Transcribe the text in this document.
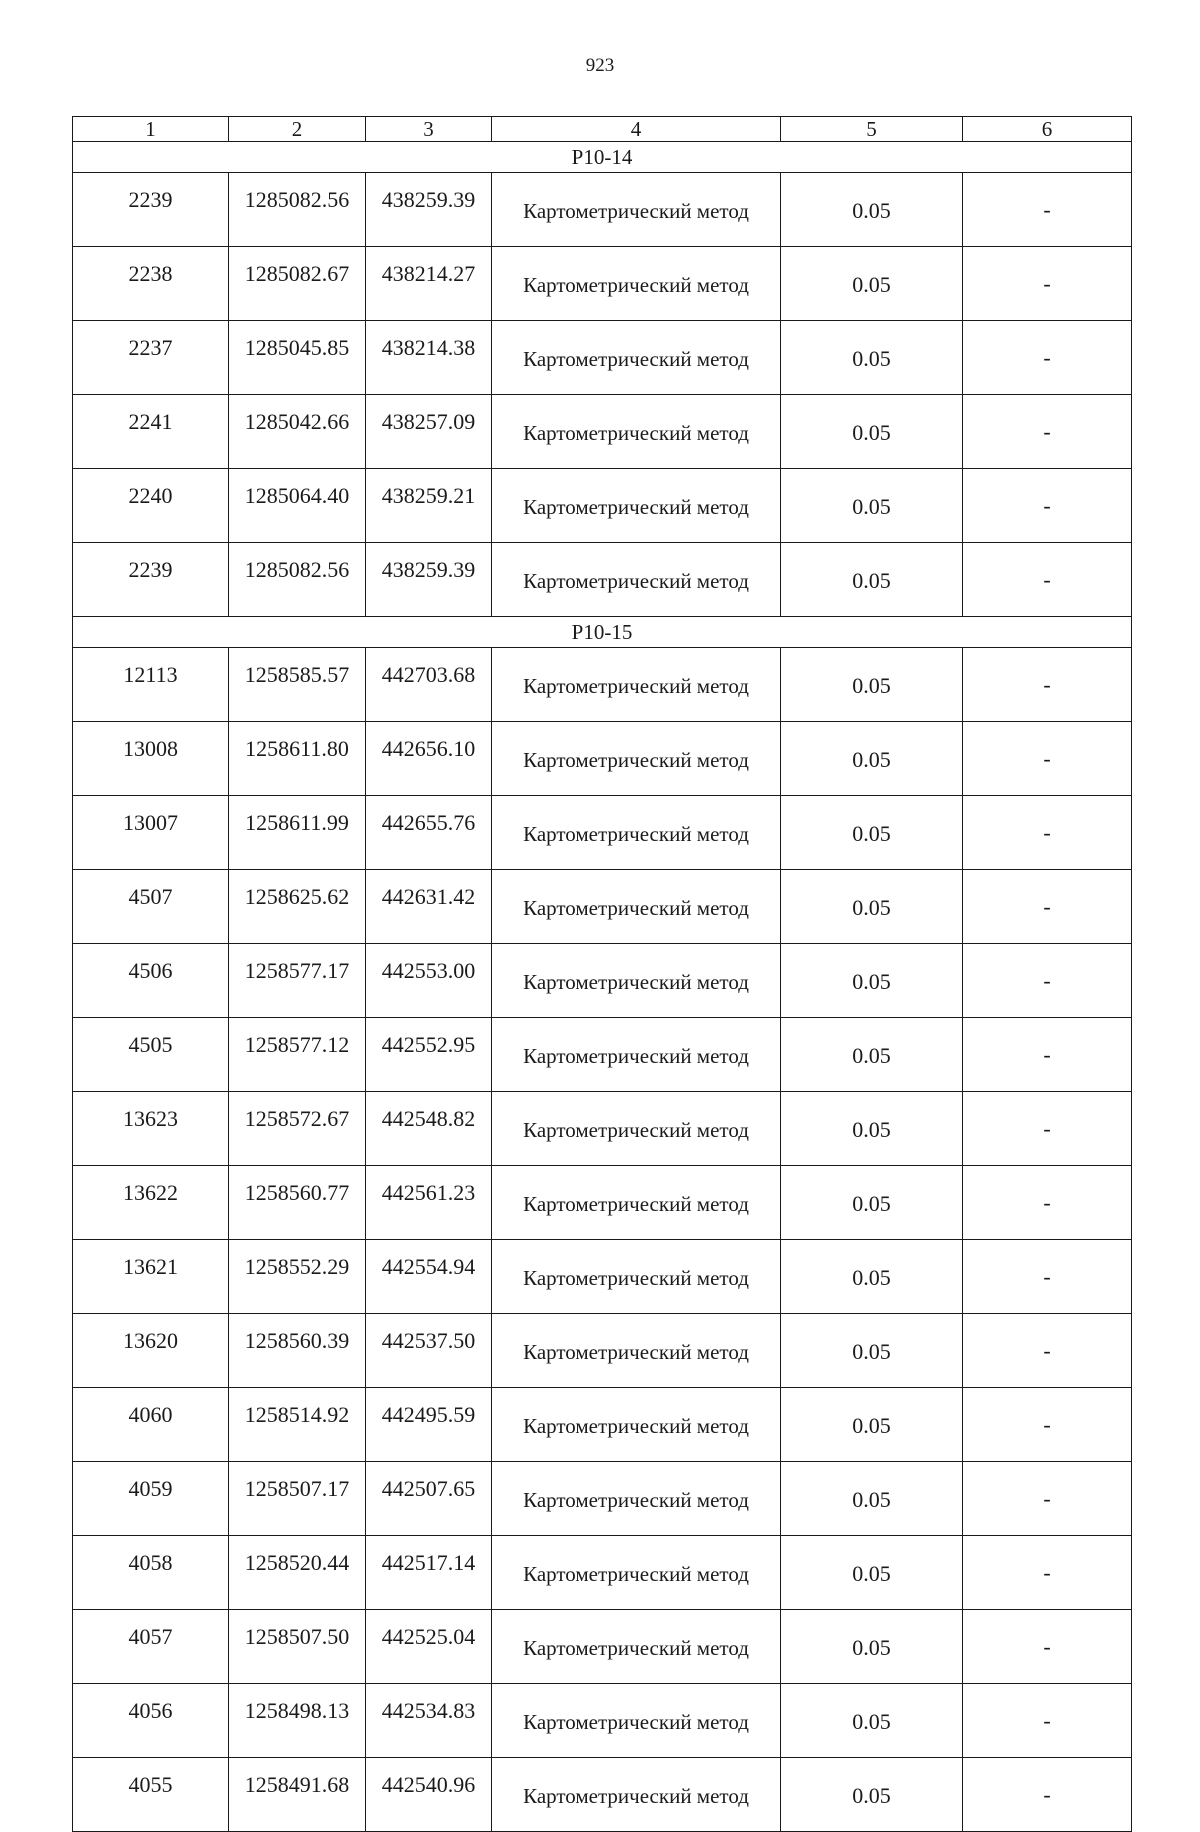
923
1	2	3	4	5	6
Р10-14					
2239	1285082.56	438259.39	Картометрический метод	0.05	-
2238	1285082.67	438214.27	Картометрический метод	0.05	-
2237	1285045.85	438214.38	Картометрический метод	0.05	-
2241	1285042.66	438257.09	Картометрический метод	0.05	-
2240	1285064.40	438259.21	Картометрический метод	0.05	-
2239	1285082.56	438259.39	Картометрический метод	0.05	-
Р10-15					
12113	1258585.57	442703.68	Картометрический метод	0.05	-
13008	1258611.80	442656.10	Картометрический метод	0.05	-
13007	1258611.99	442655.76	Картометрический метод	0.05	-
4507	1258625.62	442631.42	Картометрический метод	0.05	-
4506	1258577.17	442553.00	Картометрический метод	0.05	-
4505	1258577.12	442552.95	Картометрический метод	0.05	-
13623	1258572.67	442548.82	Картометрический метод	0.05	-
13622	1258560.77	442561.23	Картометрический метод	0.05	-
13621	1258552.29	442554.94	Картометрический метод	0.05	-
13620	1258560.39	442537.50	Картометрический метод	0.05	-
4060	1258514.92	442495.59	Картометрический метод	0.05	-
4059	1258507.17	442507.65	Картометрический метод	0.05	-
4058	1258520.44	442517.14	Картометрический метод	0.05	-
4057	1258507.50	442525.04	Картометрический метод	0.05	-
4056	1258498.13	442534.83	Картометрический метод	0.05	-
4055	1258491.68	442540.96	Картометрический метод	0.05	-
